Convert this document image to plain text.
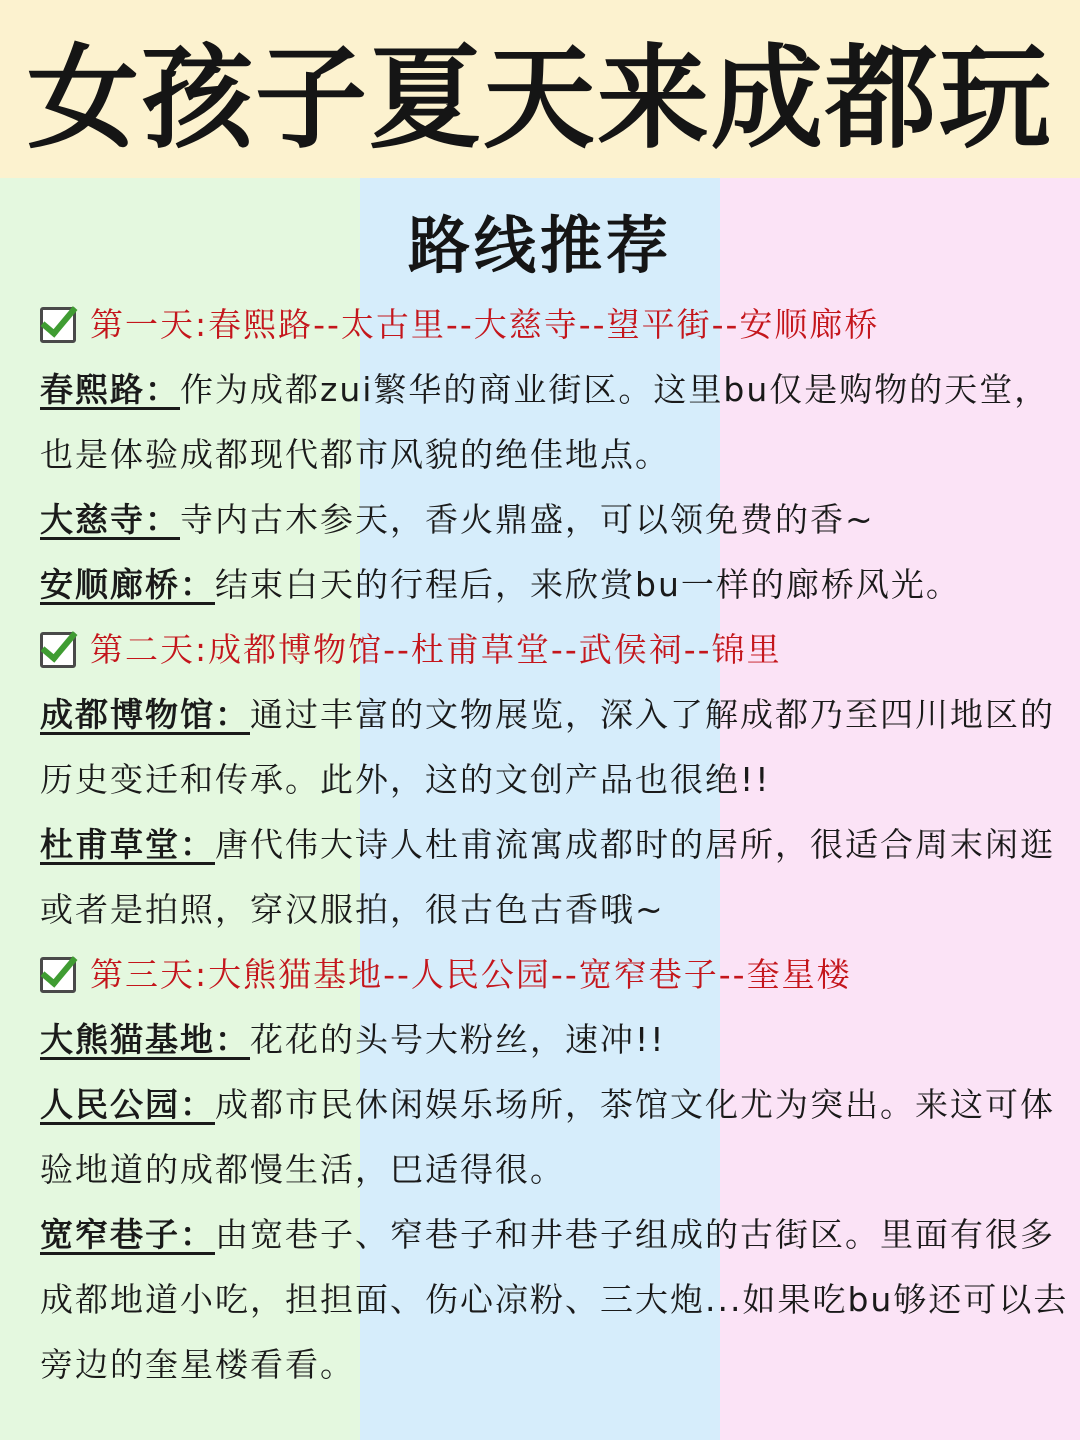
女孩子夏天来成都玩
路线推荐
第一天:春熙路--太古里--大慈寺--望平街--安顺廊桥

春熙路：作为成都zui繁华的商业街区。这里bu仅是购物的天堂，也是体验成都现代都市风貌的绝佳地点。

大慈寺：寺内古木参天，香火鼎盛，可以领免费的香~

安顺廊桥：结束白天的行程后，来欣赏bu一样的廊桥风光。

第二天:成都博物馆--杜甫草堂--武侯祠--锦里

成都博物馆：通过丰富的文物展览，深入了解成都乃至四川地区的历史变迁和传承。此外，这的文创产品也很绝!!

杜甫草堂：唐代伟大诗人杜甫流寓成都时的居所，很适合周末闲逛或者是拍照，穿汉服拍，很古色古香哦~

第三天:大熊猫基地--人民公园--宽窄巷子--奎星楼

大熊猫基地：花花的头号大粉丝，速冲!!

人民公园：成都市民休闲娱乐场所，茶馆文化尤为突出。来这可体验地道的成都慢生活，巴适得很。

宽窄巷子：由宽巷子、窄巷子和井巷子组成的古街区。里面有很多成都地道小吃，担担面、伤心凉粉、三大炮...如果吃bu够还可以去旁边的奎星楼看看。
